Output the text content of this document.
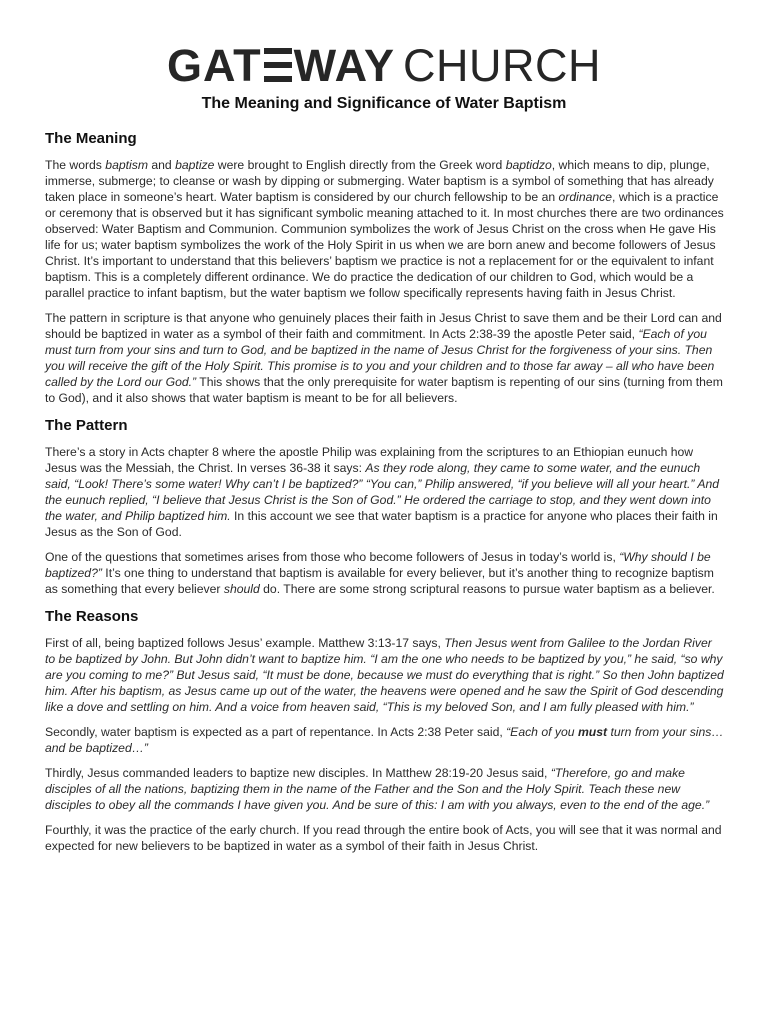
GAT WAY CHURCH
The Meaning and Significance of Water Baptism
The Meaning

The words baptism and baptize were brought to English directly from the Greek word baptidzo, which means to dip, plunge, immerse, submerge; to cleanse or wash by dipping or submerging. Water baptism is a symbol of something that has already taken place in someone’s heart. Water baptism is considered by our church fellowship to be an ordinance, which is a practice or ceremony that is observed but it has significant symbolic meaning attached to it. In most churches there are two ordinances observed: Water Baptism and Communion. Communion symbolizes the work of Jesus Christ on the cross when He gave His life for us; water baptism symbolizes the work of the Holy Spirit in us when we are born anew and become followers of Jesus Christ. It’s important to understand that this believers’ baptism we practice is not a replacement for or the equivalent to infant baptism. This is a completely different ordinance. We do practice the dedication of our children to God, which would be a parallel practice to infant baptism, but the water baptism we follow specifically represents having faith in Jesus Christ.

The pattern in scripture is that anyone who genuinely places their faith in Jesus Christ to save them and be their Lord can and should be baptized in water as a symbol of their faith and commitment. In Acts 2:38-39 the apostle Peter said, “Each of you must turn from your sins and turn to God, and be baptized in the name of Jesus Christ for the forgiveness of your sins. Then you will receive the gift of the Holy Spirit. This promise is to you and your children and to those far away – all who have been called by the Lord our God.” This shows that the only prerequisite for water baptism is repenting of our sins (turning from them to God), and it also shows that water baptism is meant to be for all believers.

The Pattern

There’s a story in Acts chapter 8 where the apostle Philip was explaining from the scriptures to an Ethiopian eunuch how Jesus was the Messiah, the Christ. In verses 36-38 it says: As they rode along, they came to some water, and the eunuch said, “Look! There’s some water! Why can’t I be baptized?” “You can,” Philip answered, “if you believe will all your heart.” And the eunuch replied, “I believe that Jesus Christ is the Son of God.” He ordered the carriage to stop, and they went down into the water, and Philip baptized him. In this account we see that water baptism is a practice for anyone who places their faith in Jesus as the Son of God.

One of the questions that sometimes arises from those who become followers of Jesus in today’s world is, “Why should I be baptized?” It’s one thing to understand that baptism is available for every believer, but it’s another thing to recognize baptism as something that every believer should do. There are some strong scriptural reasons to pursue water baptism as a believer.

The Reasons

First of all, being baptized follows Jesus’ example. Matthew 3:13-17 says, Then Jesus went from Galilee to the Jordan River to be baptized by John. But John didn’t want to baptize him. “I am the one who needs to be baptized by you,” he said, “so why are you coming to me?” But Jesus said, “It must be done, because we must do everything that is right.” So then John baptized him. After his baptism, as Jesus came up out of the water, the heavens were opened and he saw the Spirit of God descending like a dove and settling on him. And a voice from heaven said, “This is my beloved Son, and I am fully pleased with him.”

Secondly, water baptism is expected as a part of repentance. In Acts 2:38 Peter said, “Each of you must turn from your sins… and be baptized…”

Thirdly, Jesus commanded leaders to baptize new disciples. In Matthew 28:19-20 Jesus said, “Therefore, go and make disciples of all the nations, baptizing them in the name of the Father and the Son and the Holy Spirit. Teach these new disciples to obey all the commands I have given you. And be sure of this: I am with you always, even to the end of the age.”

Fourthly, it was the practice of the early church. If you read through the entire book of Acts, you will see that it was normal and expected for new believers to be baptized in water as a symbol of their faith in Jesus Christ.
